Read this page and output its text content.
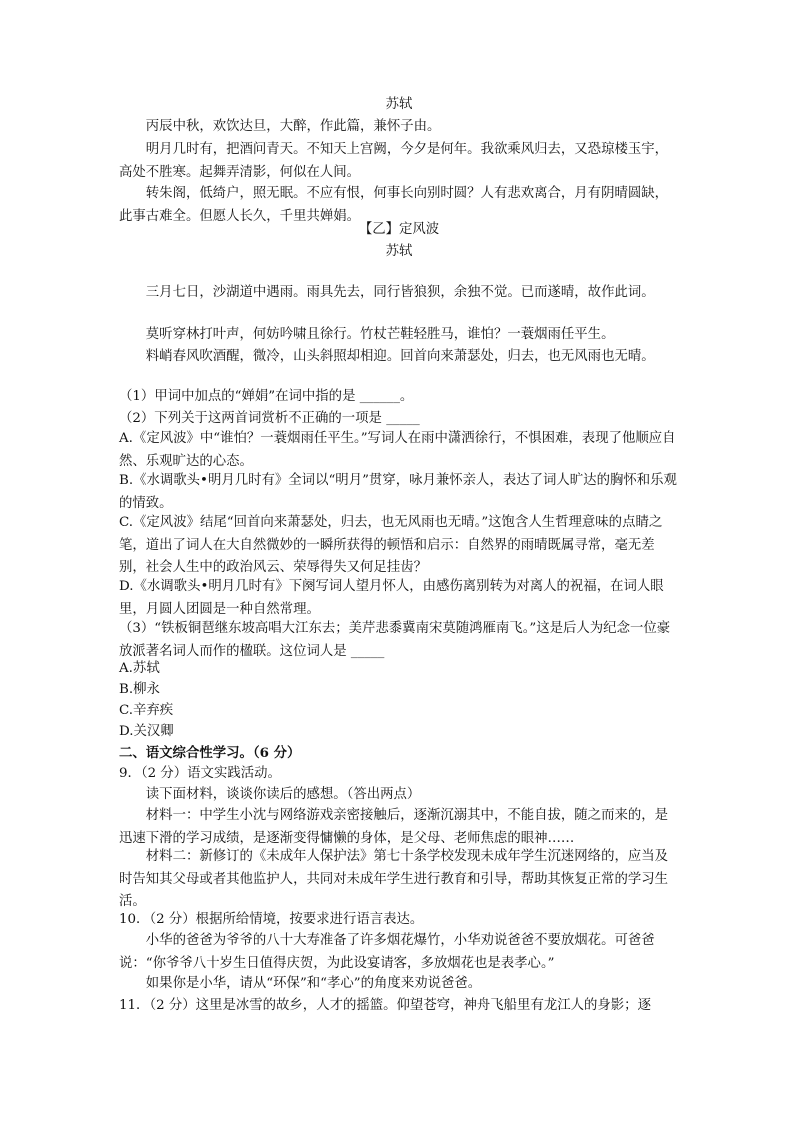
苏轼
丙辰中秋，欢饮达旦，大醉，作此篇，兼怀子由。
明月几时有，把酒问青天。不知天上宫阙，今夕是何年。我欲乘风归去，又恐琼楼玉宇，高处不胜寒。起舞弄清影，何似在人间。
转朱阁，低绮户，照无眠。不应有恨，何事长向别时圆？人有悲欢离合，月有阴晴圆缺，此事古难全。但愿人长久，千里共婵娟。
【乙】定风波
苏轼
三月七日，沙湖道中遇雨。雨具先去，同行皆狼狈，余独不觉。已而遂晴，故作此词。
莫听穿林打叶声，何妨吟啸且徐行。竹杖芒鞋轻胜马，谁怕？一蓑烟雨任平生。
料峭春风吹酒醒，微冷，山头斜照却相迎。回首向来萧瑟处，归去，也无风雨也无晴。
（1）甲词中加点的“婵娟”在词中指的是 ______。
（2）下列关于这两首词赏析不正确的一项是 _____
A.《定风波》中“谁怕？一蓑烟雨任平生。”写词人在雨中潇洒徐行，不惧困难，表现了他顺应自然、乐观旷达的心态。
B.《水调歌头•明月几时有》全词以“明月”贯穿，咏月兼怀亲人，表达了词人旷达的胸怀和乐观的情致。
C.《定风波》结尾“回首向来萧瑟处，归去，也无风雨也无晴。”这饱含人生哲理意味的点睛之笔，道出了词人在大自然微妙的一瞬所获得的顿悟和启示：自然界的雨晴既属寻常，毫无差别，社会人生中的政治风云、荣辱得失又何足挂齿？
D.《水调歌头•明月几时有》下阕写词人望月怀人，由感伤离别转为对离人的祝福，在词人眼里，月圆人团圆是一种自然常理。
（3）“铁板铜琶继东坡高唱大江东去；美芹悲黍冀南宋莫随鸿雁南飞。”这是后人为纪念一位豪放派著名词人而作的楹联。这位词人是 _____
A.苏轼
B.柳永
C.辛弃疾
D.关汉卿
二、语文综合性学习。（6 分）
9．（2 分）语文实践活动。
读下面材料，谈谈你读后的感想。（答出两点）
材料一：中学生小沈与网络游戏亲密接触后，逐渐沉溺其中，不能自拔，随之而来的，是迅速下滑的学习成绩，是逐渐变得慵懒的身体，是父母、老师焦虑的眼神……
材料二：新修订的《未成年人保护法》第七十条学校发现未成年学生沉迷网络的，应当及时告知其父母或者其他监护人，共同对未成年学生进行教育和引导，帮助其恢复正常的学习生活。
10．（2 分）根据所给情境，按要求进行语言表达。
小华的爸爸为爷爷的八十大寿准备了许多烟花爆竹，小华劝说爸爸不要放烟花。可爸爸说：“你爷爷八十岁生日值得庆贺，为此设宴请客，多放烟花也是表孝心。”
如果你是小华，请从“环保”和“孝心”的角度来劝说爸爸。
11．（2 分）这里是冰雪的故乡，人才的摇篮。仰望苍穹，神舟飞船里有龙江人的身影；逐
